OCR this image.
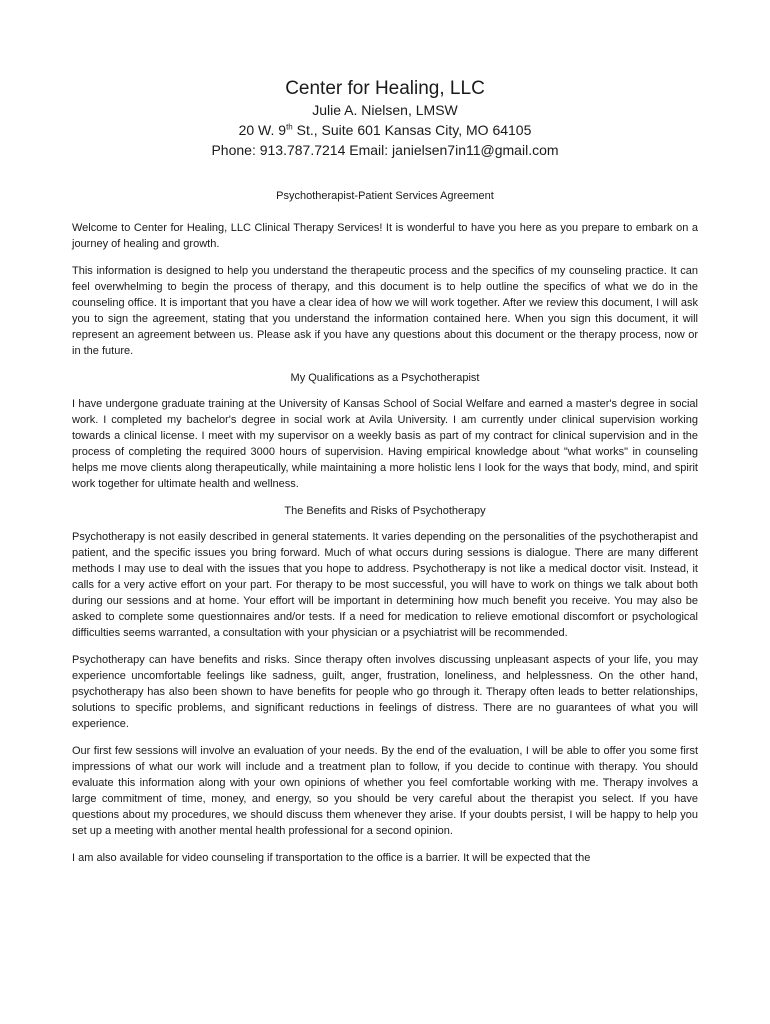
Center for Healing, LLC
Julie A. Nielsen, LMSW
20 W. 9th St., Suite 601 Kansas City, MO 64105
Phone: 913.787.7214 Email: janielsen7in11@gmail.com
Psychotherapist-Patient Services Agreement

Welcome to Center for Healing, LLC Clinical Therapy Services! It is wonderful to have you here as you prepare to embark on a journey of healing and growth.

This information is designed to help you understand the therapeutic process and the specifics of my counseling practice. It can feel overwhelming to begin the process of therapy, and this document is to help outline the specifics of what we do in the counseling office. It is important that you have a clear idea of how we will work together. After we review this document, I will ask you to sign the agreement, stating that you understand the information contained here. When you sign this document, it will represent an agreement between us. Please ask if you have any questions about this document or the therapy process, now or in the future.

My Qualifications as a Psychotherapist

I have undergone graduate training at the University of Kansas School of Social Welfare and earned a master's degree in social work. I completed my bachelor's degree in social work at Avila University. I am currently under clinical supervision working towards a clinical license. I meet with my supervisor on a weekly basis as part of my contract for clinical supervision and in the process of completing the required 3000 hours of supervision. Having empirical knowledge about "what works" in counseling helps me move clients along therapeutically, while maintaining a more holistic lens I look for the ways that body, mind, and spirit work together for ultimate health and wellness.

The Benefits and Risks of Psychotherapy

Psychotherapy is not easily described in general statements. It varies depending on the personalities of the psychotherapist and patient, and the specific issues you bring forward. Much of what occurs during sessions is dialogue. There are many different methods I may use to deal with the issues that you hope to address. Psychotherapy is not like a medical doctor visit. Instead, it calls for a very active effort on your part. For therapy to be most successful, you will have to work on things we talk about both during our sessions and at home. Your effort will be important in determining how much benefit you receive. You may also be asked to complete some questionnaires and/or tests. If a need for medication to relieve emotional discomfort or psychological difficulties seems warranted, a consultation with your physician or a psychiatrist will be recommended.

Psychotherapy can have benefits and risks. Since therapy often involves discussing unpleasant aspects of your life, you may experience uncomfortable feelings like sadness, guilt, anger, frustration, loneliness, and helplessness. On the other hand, psychotherapy has also been shown to have benefits for people who go through it. Therapy often leads to better relationships, solutions to specific problems, and significant reductions in feelings of distress. There are no guarantees of what you will experience.

Our first few sessions will involve an evaluation of your needs. By the end of the evaluation, I will be able to offer you some first impressions of what our work will include and a treatment plan to follow, if you decide to continue with therapy. You should evaluate this information along with your own opinions of whether you feel comfortable working with me. Therapy involves a large commitment of time, money, and energy, so you should be very careful about the therapist you select. If you have questions about my procedures, we should discuss them whenever they arise. If your doubts persist, I will be happy to help you set up a meeting with another mental health professional for a second opinion.

I am also available for video counseling if transportation to the office is a barrier. It will be expected that the
